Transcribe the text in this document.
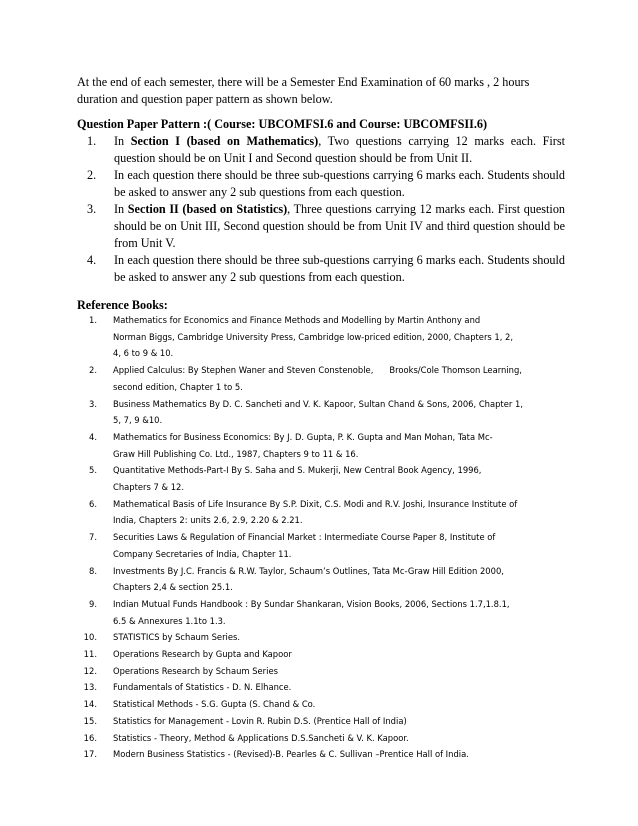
At the end of each semester, there will be a Semester End Examination of 60 marks , 2 hours duration and question paper pattern as shown below.
Question Paper Pattern :( Course: UBCOMFSI.6 and Course: UBCOMFSII.6)
1. In Section I (based on Mathematics), Two questions carrying 12 marks each. First question should be on Unit I and Second question should be from Unit II.
2. In each question there should be three sub-questions carrying 6 marks each. Students should be asked to answer any 2 sub questions from each question.
3. In Section II (based on Statistics), Three questions carrying 12 marks each. First question should be on Unit III, Second question should be from Unit IV and third question should be from Unit V.
4. In each question there should be three sub-questions carrying 6 marks each. Students should be asked to answer any 2 sub questions from each question.
Reference Books:
1. Mathematics for Economics and Finance Methods and Modelling by Martin Anthony and
Norman Biggs, Cambridge University Press, Cambridge low-priced edition, 2000, Chapters 1, 2,
4, 6 to 9 & 10.
2. Applied Calculus: By Stephen Waner and Steven Constenoble,      Brooks/Cole Thomson Learning,
second edition, Chapter 1 to 5.
3. Business Mathematics By D. C. Sancheti and V. K. Kapoor, Sultan Chand & Sons, 2006, Chapter 1,
5, 7, 9 &10.
4. Mathematics for Business Economics: By J. D. Gupta, P. K. Gupta and Man Mohan, Tata Mc-
Graw Hill Publishing Co. Ltd., 1987, Chapters 9 to 11 & 16.
5. Quantitative Methods-Part-I By S. Saha and S. Mukerji, New Central Book Agency, 1996,
Chapters 7 & 12.
6. Mathematical Basis of Life Insurance By S.P. Dixit, C.S. Modi and R.V. Joshi, Insurance Institute of
India, Chapters 2: units 2.6, 2.9, 2.20 & 2.21.
7. Securities Laws & Regulation of Financial Market : Intermediate Course Paper 8, Institute of
Company Secretaries of India, Chapter 11.
8. Investments By J.C. Francis & R.W. Taylor, Schaum’s Outlines, Tata Mc-Graw Hill Edition 2000,
Chapters 2,4 & section 25.1.
9. Indian Mutual Funds Handbook : By Sundar Shankaran, Vision Books, 2006, Sections 1.7,1.8.1,
6.5 & Annexures 1.1to 1.3.
10. STATISTICS by Schaum Series.
11. Operations Research by Gupta and Kapoor
12. Operations Research by Schaum Series
13. Fundamentals of Statistics - D. N. Elhance.
14. Statistical Methods - S.G. Gupta (S. Chand & Co.
15. Statistics for Management - Lovin R. Rubin D.S. (Prentice Hall of India)
16. Statistics - Theory, Method & Applications D.S.Sancheti & V. K. Kapoor.
17. Modern Business Statistics - (Revised)-B. Pearles & C. Sullivan –Prentice Hall of India.
